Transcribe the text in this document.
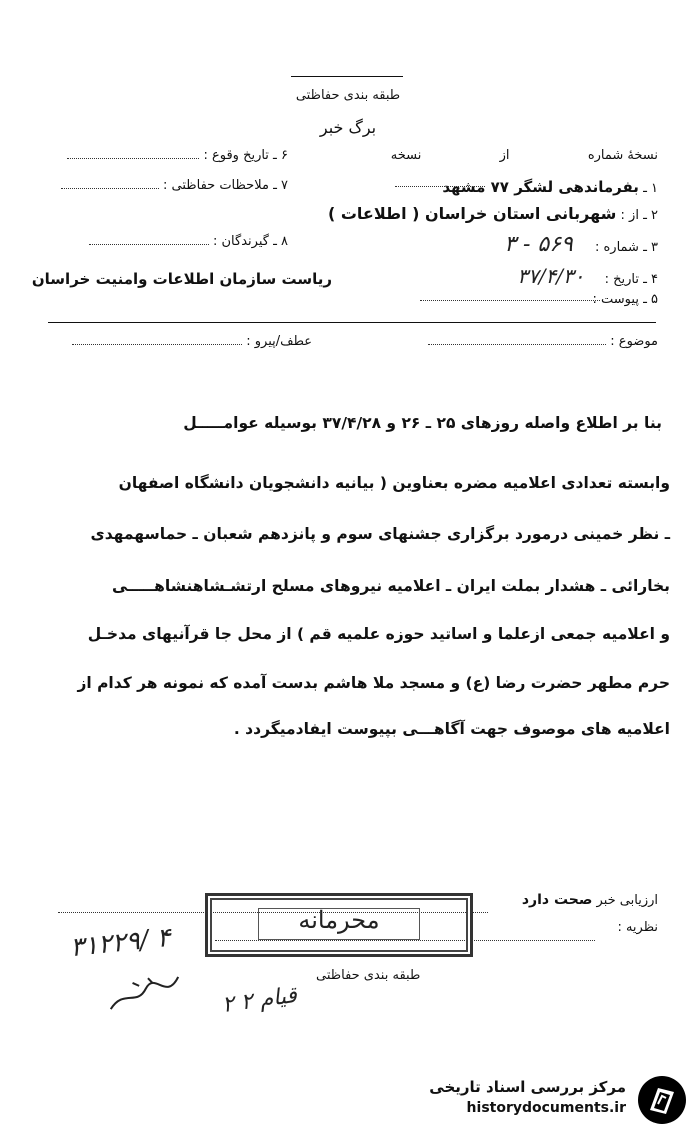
طبقه بندی حفاظتی
برگ خبر
نسخهٔ شماره  از  نسخه
۱ ـ بفرماندهی لشگر ۷۷ مشهد
۲ ـ از : شهربانی استان خراسان ( اطلاعات )
۳ ـ شماره : ۵۶۹ - ۳
۴ ـ تاریخ : ۳۷/۴/۳۰
۵ ـ پیوست :
۶ ـ تاریخ وقوع :
۷ ـ ملاحظات حفاظتی :
۸ ـ گیرندگان :
ریاست سازمان اطلاعات وامنیت خراسان
موضوع :
عطف/پیرو :
بنا بر اطلاع واصله روزهای ۲۵ ـ ۲۶ و ۳۷/۴/۲۸ بوسیله عوامـــــل
وابسته تعدادی اعلامیه مضره بعناوین ( بیانیه دانشجویان دانشگاه اصفهان
ـ نظر خمینی درمورد برگزاری جشنهای سوم و پانزدهم شعبان ـ حماسهمهدی
بخارائی ـ هشدار بملت ایران ـ اعلامیه نیروهای مسلح ارتشـشاهنشاهـــــی
و اعلامیه جمعی ازعلما و اساتید حوزه علمیه قم ) از محل جا قرآنیهای مدخـل
حرم مطهر حضرت رضا (ع) و مسجد ملا هاشم بدست آمده که نمونه هر کدام از
اعلامیه های موصوف جهت آگاهـــی بپیوست ایفادمیگردد .
ارزیابی خبر صحت دارد
نظریه :
محرمانه
۳۱۲۲۹/ ۴
۲ قیام ۲
طبقه بندی حفاظتی
مرکز بررسی اسناد تاریخی
historydocuments.ir
